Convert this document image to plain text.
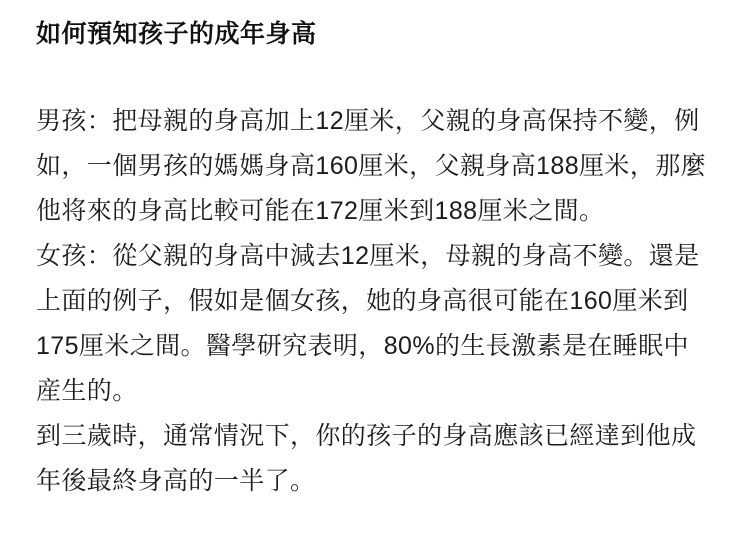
如何預知孩子的成年身高

男孩：把母親的身高加上12厘米，父親的身高保持不變，例如，一個男孩的媽媽身高160厘米，父親身高188厘米，那麼他将來的身高比較可能在172厘米到188厘米之間。

女孩：從父親的身高中減去12厘米，母親的身高不變。還是上面的例子，假如是個女孩，她的身高很可能在160厘米到175厘米之間。醫學研究表明，80%的生長激素是在睡眠中産生的。

到三歲時，通常情況下，你的孩子的身高應該已經達到他成年後最終身高的一半了。
